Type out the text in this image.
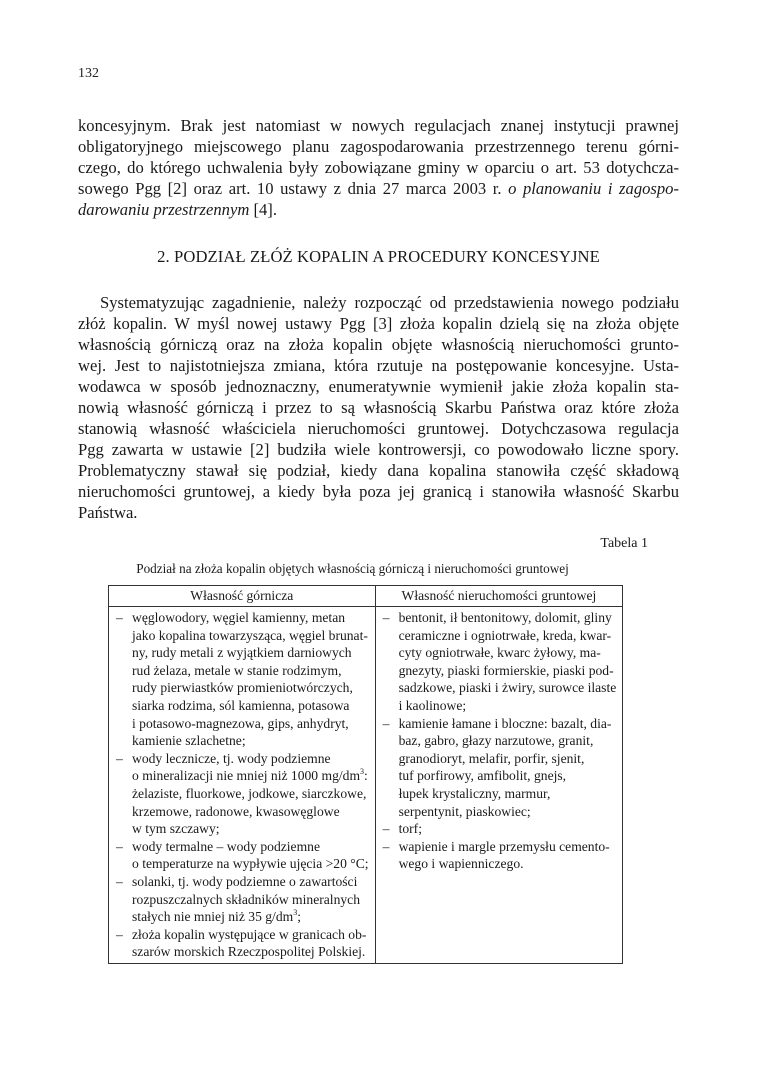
132
koncesyjnym. Brak jest natomiast w nowych regulacjach znanej instytucji prawnej
obligatoryjnego miejscowego planu zagospodarowania przestrzennego terenu górni-
czego, do którego uchwalenia były zobowiązane gminy w oparciu o art. 53 dotychcza-
sowego Pgg [2] oraz art. 10 ustawy z dnia 27 marca 2003 r. o planowaniu i zagospo-
darowaniu przestrzennym [4].
2. PODZIAŁ ZŁÓŻ KOPALIN A PROCEDURY KONCESYJNE
Systematyzując zagadnienie, należy rozpocząć od przedstawienia nowego podziału
złóż kopalin. W myśl nowej ustawy Pgg [3] złoża kopalin dzielą się na złoża objęte
własnością górniczą oraz na złoża kopalin objęte własnością nieruchomości grunto-
wej. Jest to najistotniejsza zmiana, która rzutuje na postępowanie koncesyjne. Usta-
wodawca w sposób jednoznaczny, enumeratywnie wymienił jakie złoża kopalin sta-
nowią własność górniczą i przez to są własnością Skarbu Państwa oraz które złoża
stanowią własność właściciela nieruchomości gruntowej. Dotychczasowa regulacja
Pgg zawarta w ustawie [2] budziła wiele kontrowersji, co powodowało liczne spory.
Problematyczny stawał się podział, kiedy dana kopalina stanowiła część składową
nieruchomości gruntowej, a kiedy była poza jej granicą i stanowiła własność Skarbu
Państwa.
Tabela 1
Podział na złoża kopalin objętych własnością górniczą i nieruchomości gruntowej
Własność górnicza	Własność nieruchomości gruntowej

– węglowodory, węgiel kamienny, metan
jako kopalina towarzysząca, węgiel brunat-
ny, rudy metali z wyjątkiem darniowych
rud żelaza, metale w stanie rodzimym,
rudy pierwiastków promieniotwórczych,
siarka rodzima, sól kamienna, potasowa
i potasowo-magnezowa, gips, anhydryt,
kamienie szlachetne;
– wody lecznicze, tj. wody podziemne
o mineralizacji nie mniej niż 1000 $mg/dm^3$:
żelaziste, fluorkowe, jodkowe, siarczkowe,
krzemowe, radonowe, kwasowęglowe
w tym szczawy;
– wody termalne – wody podziemne
o temperaturze na wypływie ujęcia >20 °C;
– solanki, tj. wody podziemne o zawartości
rozpuszczalnych składników mineralnych
stałych nie mniej niż 35 $g/dm^3$;
– złoża kopalin występujące w granicach ob-
szarów morskich Rzeczpospolitej Polskiej.

– bentonit, ił bentonitowy, dolomit, gliny
ceramiczne i ogniotrwałe, kreda, kwar-
cyty ogniotrwałe, kwarc żyłowy, ma-
gnezyty, piaski formierskie, piaski pod-
sadzkowe, piaski i żwiry, surowce ilaste
i kaolinowe;
– kamienie łamane i bloczne: bazalt, dia-
baz, gabro, głazy narzutowe, granit,
granodioryt, melafir, porfir, sjenit,
tuf porfirowy, amfibolit, gnejs,
łupek krystaliczny, marmur,
serpentynit, piaskowiec;
– torf;
– wapienie i margle przemysłu cemento-
wego i wapienniczego.
